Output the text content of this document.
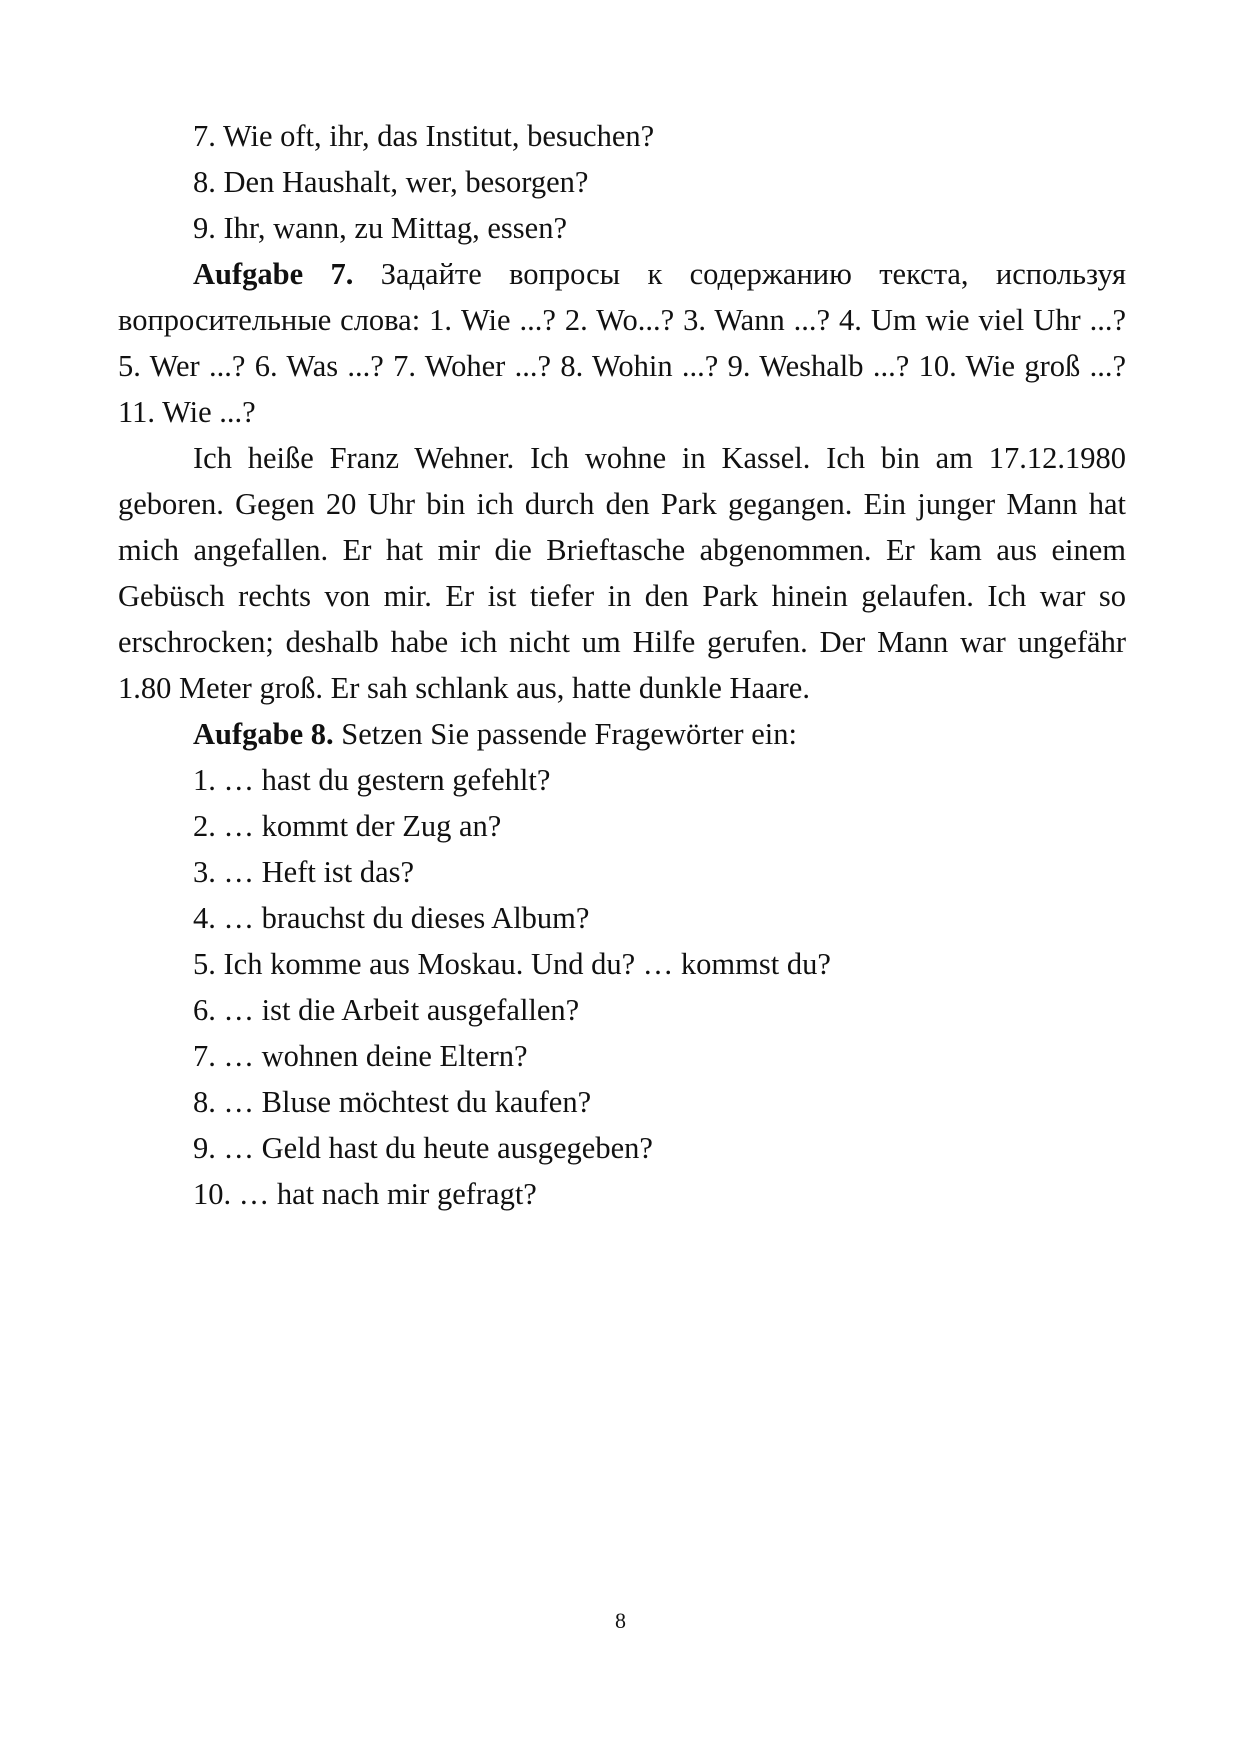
7. Wie oft, ihr, das Institut, besuchen?

8. Den Haushalt, wer, besorgen?

9. Ihr, wann, zu Mittag, essen?

Aufgabe 7. Задайте вопросы к содержанию текста, используя вопросительные слова: 1. Wie ...? 2. Wo...? 3. Wann ...? 4. Um wie viel Uhr ...? 5. Wer ...? 6. Was ...? 7. Woher ...? 8. Wohin ...? 9. Weshalb ...? 10. Wie groß ...? 11. Wie ...?

Ich heiße Franz Wehner. Ich wohne in Kassel. Ich bin am 17.12.1980 geboren. Gegen 20 Uhr bin ich durch den Park gegangen. Ein junger Mann hat mich angefallen. Er hat mir die Brieftasche abgenommen. Er kam aus einem Gebüsch rechts von mir. Er ist tiefer in den Park hinein gelaufen. Ich war so erschrocken; deshalb habe ich nicht um Hilfe gerufen. Der Mann war ungefähr 1.80 Meter groß. Er sah schlank aus, hatte dunkle Haare.

Aufgabe 8. Setzen Sie passende Fragewörter ein:

1. … hast du gestern gefehlt?

2. … kommt der Zug an?

3. … Heft ist das?

4. … brauchst du dieses Album?

5. Ich komme aus Moskau. Und du? … kommst du?

6. … ist die Arbeit ausgefallen?

7. … wohnen deine Eltern?

8. … Bluse möchtest du kaufen?

9. … Geld hast du heute ausgegeben?

10. … hat nach mir gefragt?

8
